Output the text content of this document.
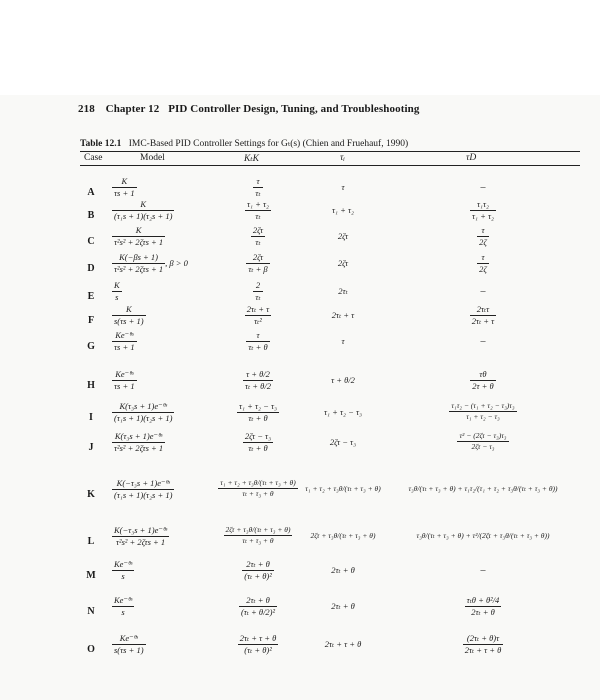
218 Chapter 12 PID Controller Design, Tuning, and Troubleshooting
Table 12.1 IMC-Based PID Controller Settings for Gₜ(s) (Chien and Fruehauf, 1990)
Case	Model	KₜK	τᵢ	τD
A	$\frac{K}{\tau s + 1}$	$\frac{\tau}{\text{τₜ}}$	τ	–
B	$\frac{K}{\text{(τ₁s + 1)(τ₂s + 1)}}$	$\frac{\text{τ₁ + τ₂}}{\text{τₜ}}$	τ₁ + τ₂	$\frac{\text{τ₁τ₂}}{\text{τ₁ + τ₂}}$
C	$\frac{K}{\text{τ²s² + 2ζτs + 1}}$	$\frac{2\zeta\tau}{\text{τₜ}}$	2ζτ	$\frac{\tau}{2\zeta}$
D	$\frac{K(-\beta s + 1)}{\text{τ²s² + 2ζτs + 1}}$ , β > 0	$\frac{2\zeta\tau}{\text{τₜ + β}}$	2ζτ	$\frac{\tau}{2\zeta}$
E	$\frac{K}{s}$	$\frac{2}{\text{τₜ}}$	2τₜ	–
F	$\frac{K}{s(\tau s + 1)}$	$\frac{\text{2τₜ + τ}}{\text{τₜ²}}$	2τₜ + τ	$\frac{\text{2τₜτ}}{\text{2τₜ + τ}}$
G	$\frac{\text{Ke⁻ᶿˢ}}{\tau s + 1}$	$\frac{\tau}{\text{τₜ + θ}}$	τ	–
H	$\frac{\text{Ke⁻ᶿˢ}}{\tau s + 1}$	$\frac{\tau + \theta/2}{\text{τₜ + θ/2}}$	τ + θ/2	$\frac{\tau\theta}{2\tau + \theta}$
I	$\frac{\text{K(τ₃s + 1)e⁻ᶿˢ}}{\text{(τ₁s + 1)(τ₂s + 1)}}$	$\frac{\text{τ₁ + τ₂ − τ₃}}{\text{τₜ + θ}}$	τ₁ + τ₂ − τ₃	$\frac{\text{τ₁τ₂ − (τ₁ + τ₂ − τ₃)τ₃}}{\text{τ₁ + τ₂ − τ₃}}$
J	$\frac{\text{K(τ₃s + 1)e⁻ᶿˢ}}{\text{τ²s² + 2ζτs + 1}}$	$\frac{\text{2ζτ − τ₃}}{\text{τₜ + θ}}$	2ζτ − τ₃	$\frac{\text{τ² − (2ζτ − τ₃)τ₃}}{\text{2ζτ − τ₃}}$
K	$\frac{\text{K(−τ₃s + 1)e⁻ᶿˢ}}{\text{(τ₁s + 1)(τ₂s + 1)}}$	$\frac{\text{τ₁ + τ₂ + τ₃θ/(τₜ + τ₃ + θ)}}{\text{τₜ + τ₃ + θ}}$	τ₁ + τ₂ + τ₃θ/(τₜ + τ₃ + θ)	τ₃θ/(τₜ + τ₃ + θ) + τ₁τ₂/(τ₁ + τ₂ + τ₃θ/(τₜ + τ₃ + θ))
L	$\frac{\text{K(−τ₃s + 1)e⁻ᶿˢ}}{\text{τ²s² + 2ζτs + 1}}$	$\frac{\text{2ζτ + τ₃θ/(τₜ + τ₃ + θ)}}{\text{τₜ + τ₃ + θ}}$	2ζτ + τ₃θ/(τₜ + τ₃ + θ)	τ₃θ/(τₜ + τ₃ + θ) + τ²/(2ζτ + τ₃θ/(τₜ + τ₃ + θ))
M $\frac{\text{Ke⁻ᶿˢ}}{s}$	$\frac{\text{2τₜ + θ}}{\text{(τₜ + θ)²}}$	2τₜ + θ	–
N	$\frac{\text{Ke⁻ᶿˢ}}{s}$	$\frac{\text{2τₜ + θ}}{\text{(τₜ + θ/2)²}}$	2τₜ + θ	$\frac{\text{τₜθ + θ²/4}}{\text{2τₜ + θ}}$
O	$\frac{\text{Ke⁻ᶿˢ}}{s(\tau s + 1)}$	$\frac{\text{2τₜ + τ + θ}}{\text{(τₜ + θ)²}}$	2τₜ + τ + θ	$\frac{\text{(2τₜ + θ)τ}}{\text{2τₜ + τ + θ}}$
